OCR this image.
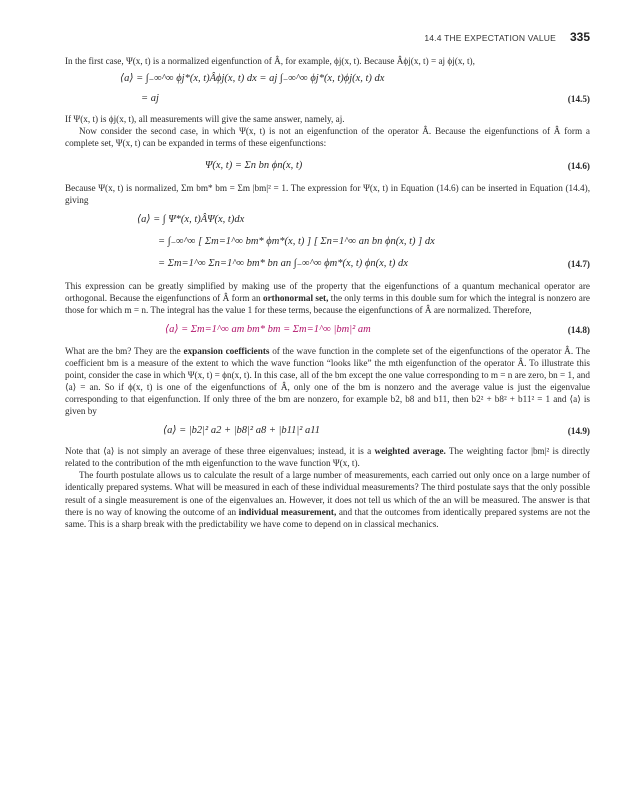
14.4 THE EXPECTATION VALUE 335

In the first case, Ψ(x, t) is a normalized eigenfunction of Â, for example, ϕj(x, t). Because Âϕj(x, t) = aj ϕj(x, t),

⟨a⟩ = ∫₋∞^∞ ϕj*(x, t)Âϕj(x, t) dx = aj ∫₋∞^∞ ϕj*(x, t)ϕj(x, t) dx
= aj	(14.5)

If Ψ(x, t) is ϕj(x, t), all measurements will give the same answer, namely, aj.

Now consider the second case, in which Ψ(x, t) is not an eigenfunction of the operator Â. Because the eigenfunctions of Â form a complete set, Ψ(x, t) can be expanded in terms of these eigenfunctions:

Ψ(x, t) = Σn bn ϕn(x, t)	(14.6)

Because Ψ(x, t) is normalized, Σm bm* bm = Σm |bm|² = 1. The expression for Ψ(x, t) in Equation (14.6) can be inserted in Equation (14.4), giving

⟨a⟩ = ∫ Ψ*(x, t)ÂΨ(x, t)dx
= ∫₋∞^∞ [ Σm=1^∞ bm* ϕm*(x, t) ] [ Σn=1^∞ an bn ϕn(x, t) ] dx
= Σm=1^∞ Σn=1^∞ bm* bn an ∫₋∞^∞ ϕm*(x, t) ϕn(x, t) dx	(14.7)

This expression can be greatly simplified by making use of the property that the eigenfunctions of a quantum mechanical operator are orthogonal. Because the eigenfunctions of Â form an orthonormal set, the only terms in this double sum for which the integral is nonzero are those for which m = n. The integral has the value 1 for these terms, because the eigenfunctions of Â are normalized. Therefore,

⟨a⟩ = Σm=1^∞ am bm* bm = Σm=1^∞ |bm|² am	(14.8)

What are the bm? They are the expansion coefficients of the wave function in the complete set of the eigenfunctions of the operator Â. The coefficient bm is a measure of the extent to which the wave function “looks like” the mth eigenfunction of the operator Â. To illustrate this point, consider the case in which Ψ(x, t) = ϕn(x, t). In this case, all of the bm except the one value corresponding to m = n are zero, bn = 1, and ⟨a⟩ = an. So if ϕ(x, t) is one of the eigenfunctions of Â, only one of the bm is nonzero and the average value is just the eigenvalue corresponding to that eigenfunction. If only three of the bm are nonzero, for example b2, b8 and b11, then b2² + b8² + b11² = 1 and ⟨a⟩ is given by

⟨a⟩ = |b2|² a2 + |b8|² a8 + |b11|² a11	(14.9)

Note that ⟨a⟩ is not simply an average of these three eigenvalues; instead, it is a weighted average. The weighting factor |bm|² is directly related to the contribution of the mth eigenfunction to the wave function Ψ(x, t).

The fourth postulate allows us to calculate the result of a large number of measurements, each carried out only once on a large number of identically prepared systems. What will be measured in each of these individual measurements? The third postulate says that the only possible result of a single measurement is one of the eigenvalues an. However, it does not tell us which of the an will be measured. The answer is that there is no way of knowing the outcome of an individual measurement, and that the outcomes from identically prepared systems are not the same. This is a sharp break with the predictability we have come to depend on in classical mechanics.
